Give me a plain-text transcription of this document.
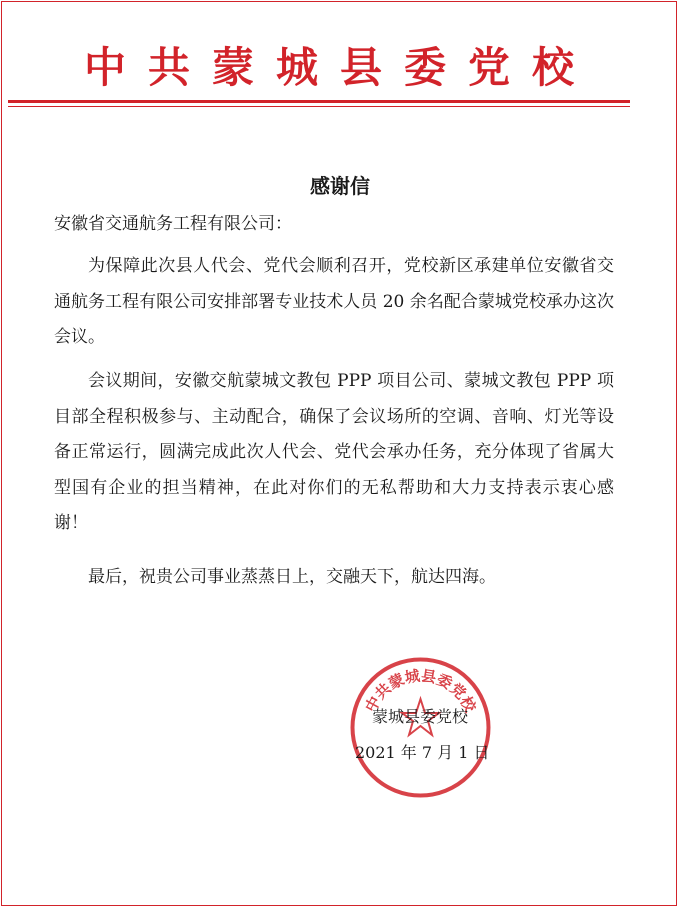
中共蒙城县委党校
感谢信
安徽省交通航务工程有限公司：
为保障此次县人代会、党代会顺利召开，党校新区承建单位安徽省交通航务工程有限公司安排部署专业技术人员 20 余名配合蒙城党校承办这次会议。
会议期间，安徽交航蒙城文教包 PPP 项目公司、蒙城文教包 PPP 项目部全程积极参与、主动配合，确保了会议场所的空调、音响、灯光等设备正常运行，圆满完成此次人代会、党代会承办任务，充分体现了省属大型国有企业的担当精神，在此对你们的无私帮助和大力支持表示衷心感谢！
最后，祝贵公司事业蒸蒸日上，交融天下，航达四海。
中共蒙城县委党校
蒙城县委党校
2021 年 7 月 1 日
